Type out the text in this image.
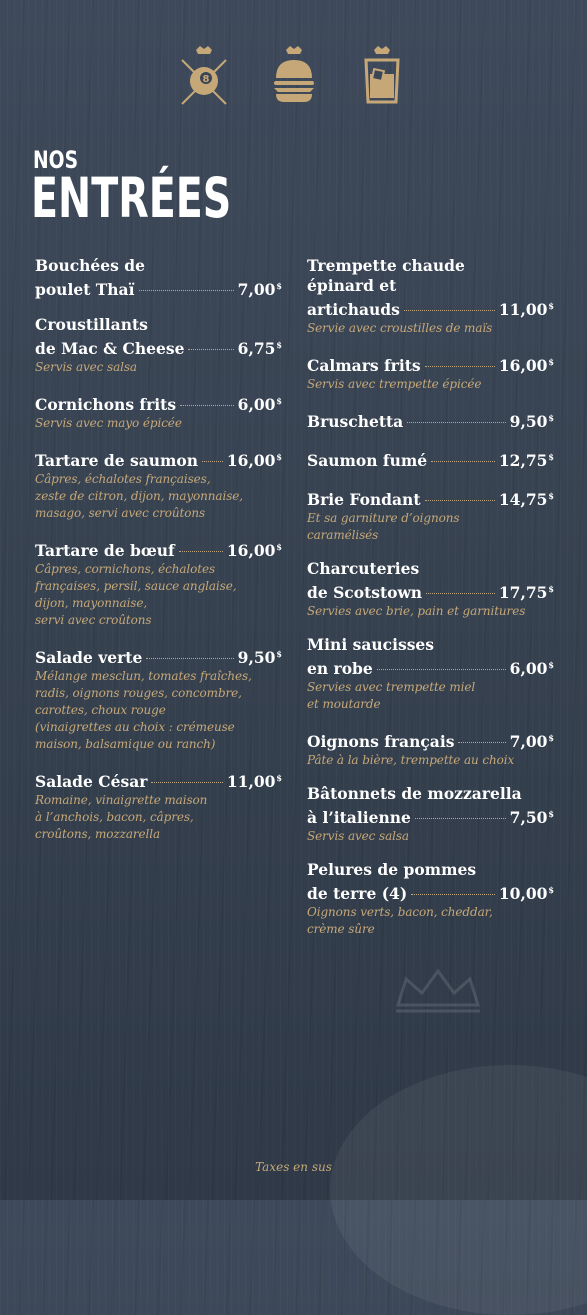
8
NOS
ENTRÉES
Bouchées de
poulet Thaï	7,00$
Croustillants
de Mac & Cheese	6,75$
Servis avec salsa
Cornichons frits	6,00$
Servis avec mayo épicée
Tartare de saumon 16,00$
Câpres, échalotes françaises,
zeste de citron, dijon, mayonnaise,
masago, servi avec croûtons
Tartare de bœuf	16,00$
Câpres, cornichons, échalotes
françaises, persil, sauce anglaise,
dijon, mayonnaise,
servi avec croûtons
Salade verte	9,50$
Mélange mesclun, tomates fraîches,
radis, oignons rouges, concombre,
carottes, choux rouge
(vinaigrettes au choix : crémeuse
maison, balsamique ou ranch)
Salade César	11,00$
Romaine, vinaigrette maison
à l’anchois, bacon, câpres,
croûtons, mozzarella
Trempette chaude
épinard et
artichauds	11,00$
Servie avec croustilles de maïs
Calmars frits	16,00$
Servis avec trempette épicée
Bruschetta	9,50$
Saumon fumé	12,75$
Brie Fondant	14,75$
Et sa garniture d’oignons
caramélisés
Charcuteries
de Scotstown	17,75$
Servies avec brie, pain et garnitures
Mini saucisses
en robe	6,00$
Servies avec trempette miel
et moutarde
Oignons français	7,00$
Pâte à la bière, trempette au choix
Bâtonnets de mozzarella
à l’italienne	7,50$
Servis avec salsa
Pelures de pommes
de terre (4)	10,00$
Oignons verts, bacon, cheddar,
crème sûre
Taxes en sus
